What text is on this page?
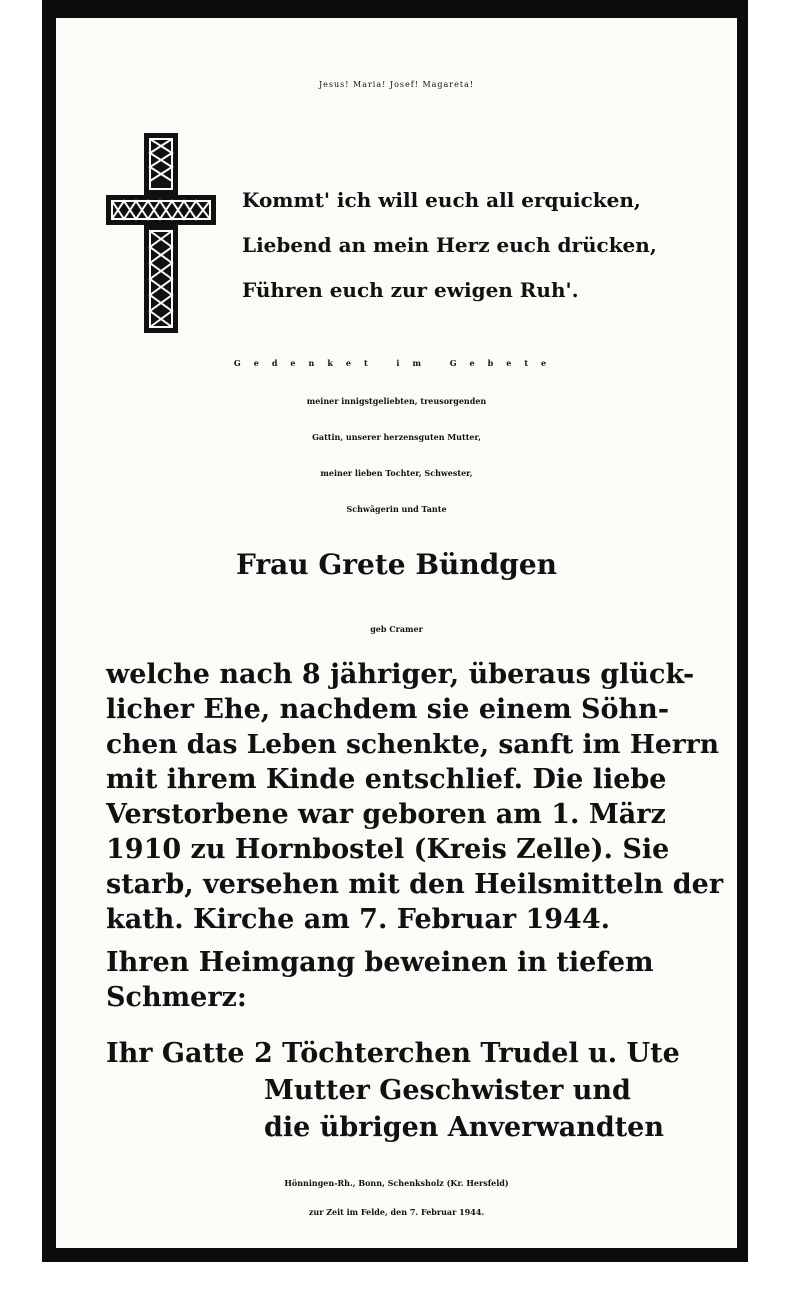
Jesus! Maria! Josef! Magareta!
Kommt' ich will euch all erquicken,
Liebend an mein Herz euch drücken,
Führen euch zur ewigen Ruh'.
Gedenket im Gebete
meiner innigstgeliebten, treusorgenden
Gattin, unserer herzensguten Mutter,
meiner lieben Tochter, Schwester,
Schwägerin und Tante
Frau Grete Bündgen
geb Cramer
welche nach 8 jähriger, überaus glück-
licher Ehe, nachdem sie einem Söhn-
chen das Leben schenkte, sanft im Herrn
mit ihrem Kinde entschlief. Die liebe
Verstorbene war geboren am 1. März
1910 zu Hornbostel (Kreis Zelle). Sie
starb, versehen mit den Heilsmitteln der
kath. Kirche am 7. Februar 1944.
Ihren Heimgang beweinen in tiefem
Schmerz:
Ihr Gatte 2 Töchterchen Trudel u. Ute
Mutter Geschwister und
die übrigen Anverwandten
Hönningen-Rh., Bonn, Schenksholz (Kr. Hersfeld)
zur Zeit im Felde, den 7. Februar 1944.
